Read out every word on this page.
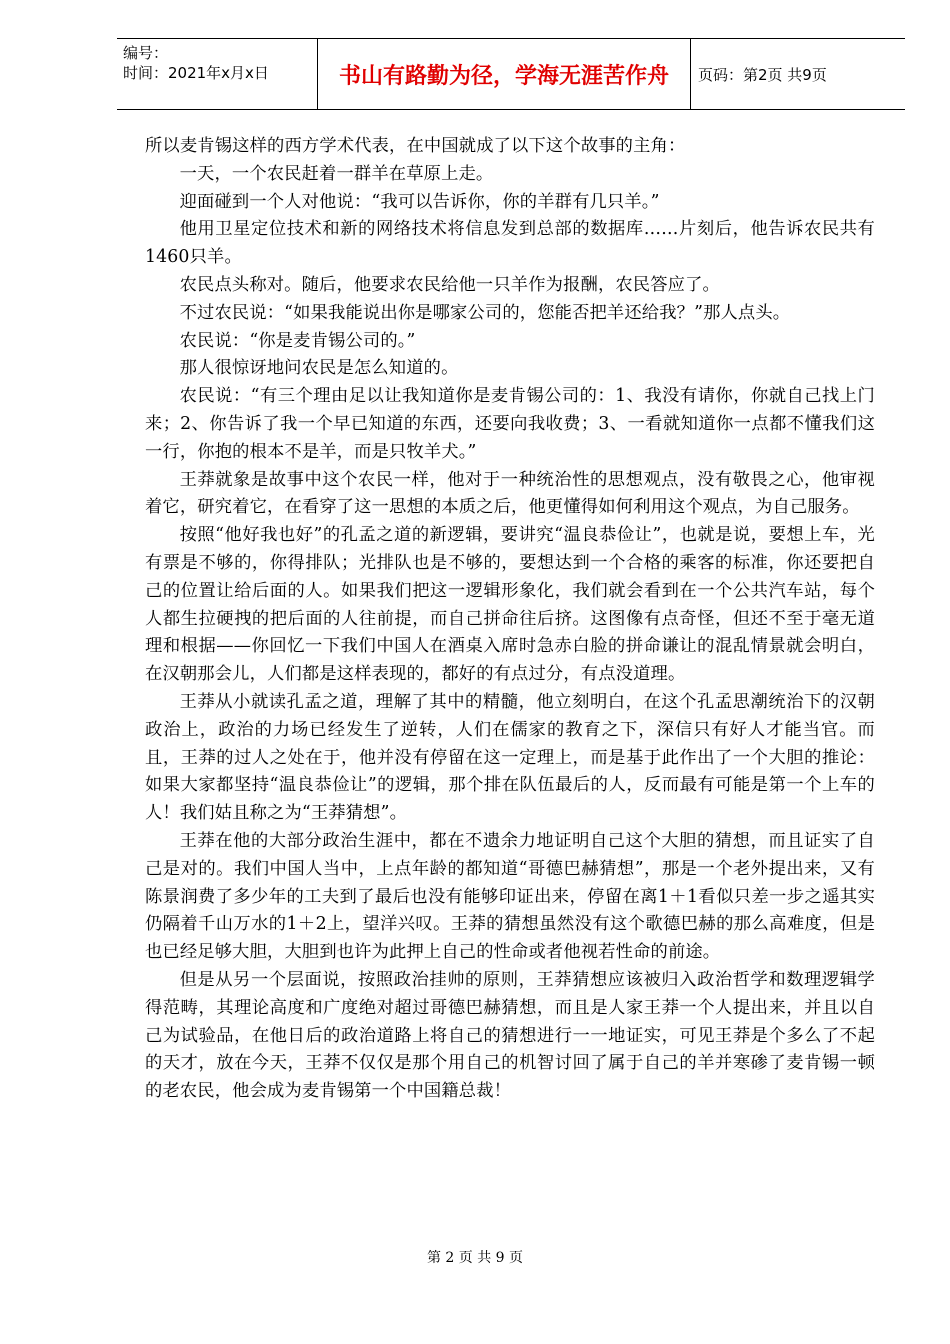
编号：
时间：2021年x月x日	书山有路勤为径，学海无涯苦作舟	页码：第2页 共9页

所以麦肯锡这样的西方学术代表，在中国就成了以下这个故事的主角：

一天，一个农民赶着一群羊在草原上走。

迎面碰到一个人对他说：“我可以告诉你，你的羊群有几只羊。”

他用卫星定位技术和新的网络技术将信息发到总部的数据库……片刻后，他告诉农民共有1460只羊。

农民点头称对。随后，他要求农民给他一只羊作为报酬，农民答应了。

不过农民说：“如果我能说出你是哪家公司的，您能否把羊还给我？”那人点头。

农民说：“你是麦肯锡公司的。”

那人很惊讶地问农民是怎么知道的。

农民说：“有三个理由足以让我知道你是麦肯锡公司的：1、我没有请你，你就自己找上门来；2、你告诉了我一个早已知道的东西，还要向我收费；3、一看就知道你一点都不懂我们这一行，你抱的根本不是羊，而是只牧羊犬。”

王莽就象是故事中这个农民一样，他对于一种统治性的思想观点，没有敬畏之心，他审视着它，研究着它，在看穿了这一思想的本质之后，他更懂得如何利用这个观点，为自己服务。

按照“他好我也好”的孔孟之道的新逻辑，要讲究“温良恭俭让”，也就是说，要想上车，光有票是不够的，你得排队；光排队也是不够的，要想达到一个合格的乘客的标准，你还要把自己的位置让给后面的人。如果我们把这一逻辑形象化，我们就会看到在一个公共汽车站，每个人都生拉硬拽的把后面的人往前提，而自己拼命往后挤。这图像有点奇怪，但还不至于毫无道理和根据——你回忆一下我们中国人在酒桌入席时急赤白脸的拼命谦让的混乱情景就会明白，在汉朝那会儿，人们都是这样表现的，都好的有点过分，有点没道理。

王莽从小就读孔孟之道，理解了其中的精髓，他立刻明白，在这个孔孟思潮统治下的汉朝政治上，政治的力场已经发生了逆转，人们在儒家的教育之下，深信只有好人才能当官。而且，王莽的过人之处在于，他并没有停留在这一定理上，而是基于此作出了一个大胆的推论：如果大家都坚持“温良恭俭让”的逻辑，那个排在队伍最后的人，反而最有可能是第一个上车的人！我们姑且称之为“王莽猜想”。

王莽在他的大部分政治生涯中，都在不遗余力地证明自己这个大胆的猜想，而且证实了自己是对的。我们中国人当中，上点年龄的都知道“哥德巴赫猜想”，那是一个老外提出来，又有陈景润费了多少年的工夫到了最后也没有能够印证出来，停留在离1＋1看似只差一步之遥其实仍隔着千山万水的1＋2上，望洋兴叹。王莽的猜想虽然没有这个歌德巴赫的那么高难度，但是也已经足够大胆，大胆到也许为此押上自己的性命或者他视若性命的前途。

但是从另一个层面说，按照政治挂帅的原则，王莽猜想应该被归入政治哲学和数理逻辑学得范畴，其理论高度和广度绝对超过哥德巴赫猜想，而且是人家王莽一个人提出来，并且以自己为试验品，在他日后的政治道路上将自己的猜想进行一一地证实，可见王莽是个多么了不起的天才，放在今天，王莽不仅仅是那个用自己的机智讨回了属于自己的羊并寒碜了麦肯锡一顿的老农民，他会成为麦肯锡第一个中国籍总裁！

第 2 页 共 9 页
